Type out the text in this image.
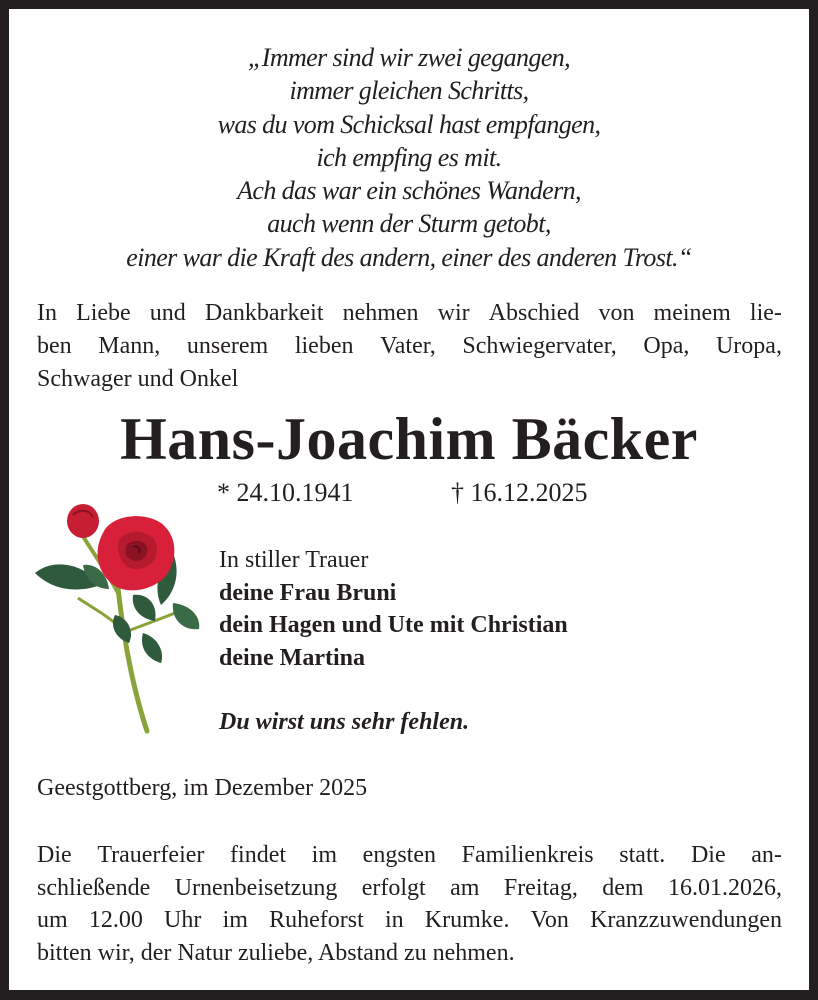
„Immer sind wir zwei gegangen,
immer gleichen Schritts,
was du vom Schicksal hast empfangen,
ich empfing es mit.
Ach das war ein schönes Wandern,
auch wenn der Sturm getobt,
einer war die Kraft des andern, einer des anderen Trost.“
In Liebe und Dankbarkeit nehmen wir Abschied von meinem lie-
ben Mann, unserem lieben Vater, Schwiegervater, Opa, Uropa,
Schwager und Onkel
Hans-Joachim Bäcker
* 24.10.1941	† 16.12.2025
In stiller Trauer
deine Frau Bruni
dein Hagen und Ute mit Christian
deine Martina
Du wirst uns sehr fehlen.
Geestgottberg, im Dezember 2025
Die Trauerfeier findet im engsten Familienkreis statt. Die an-
schließende Urnenbeisetzung erfolgt am Freitag, dem 16.01.2026,
um 12.00 Uhr im Ruheforst in Krumke. Von Kranzzuwendungen
bitten wir, der Natur zuliebe, Abstand zu nehmen.
